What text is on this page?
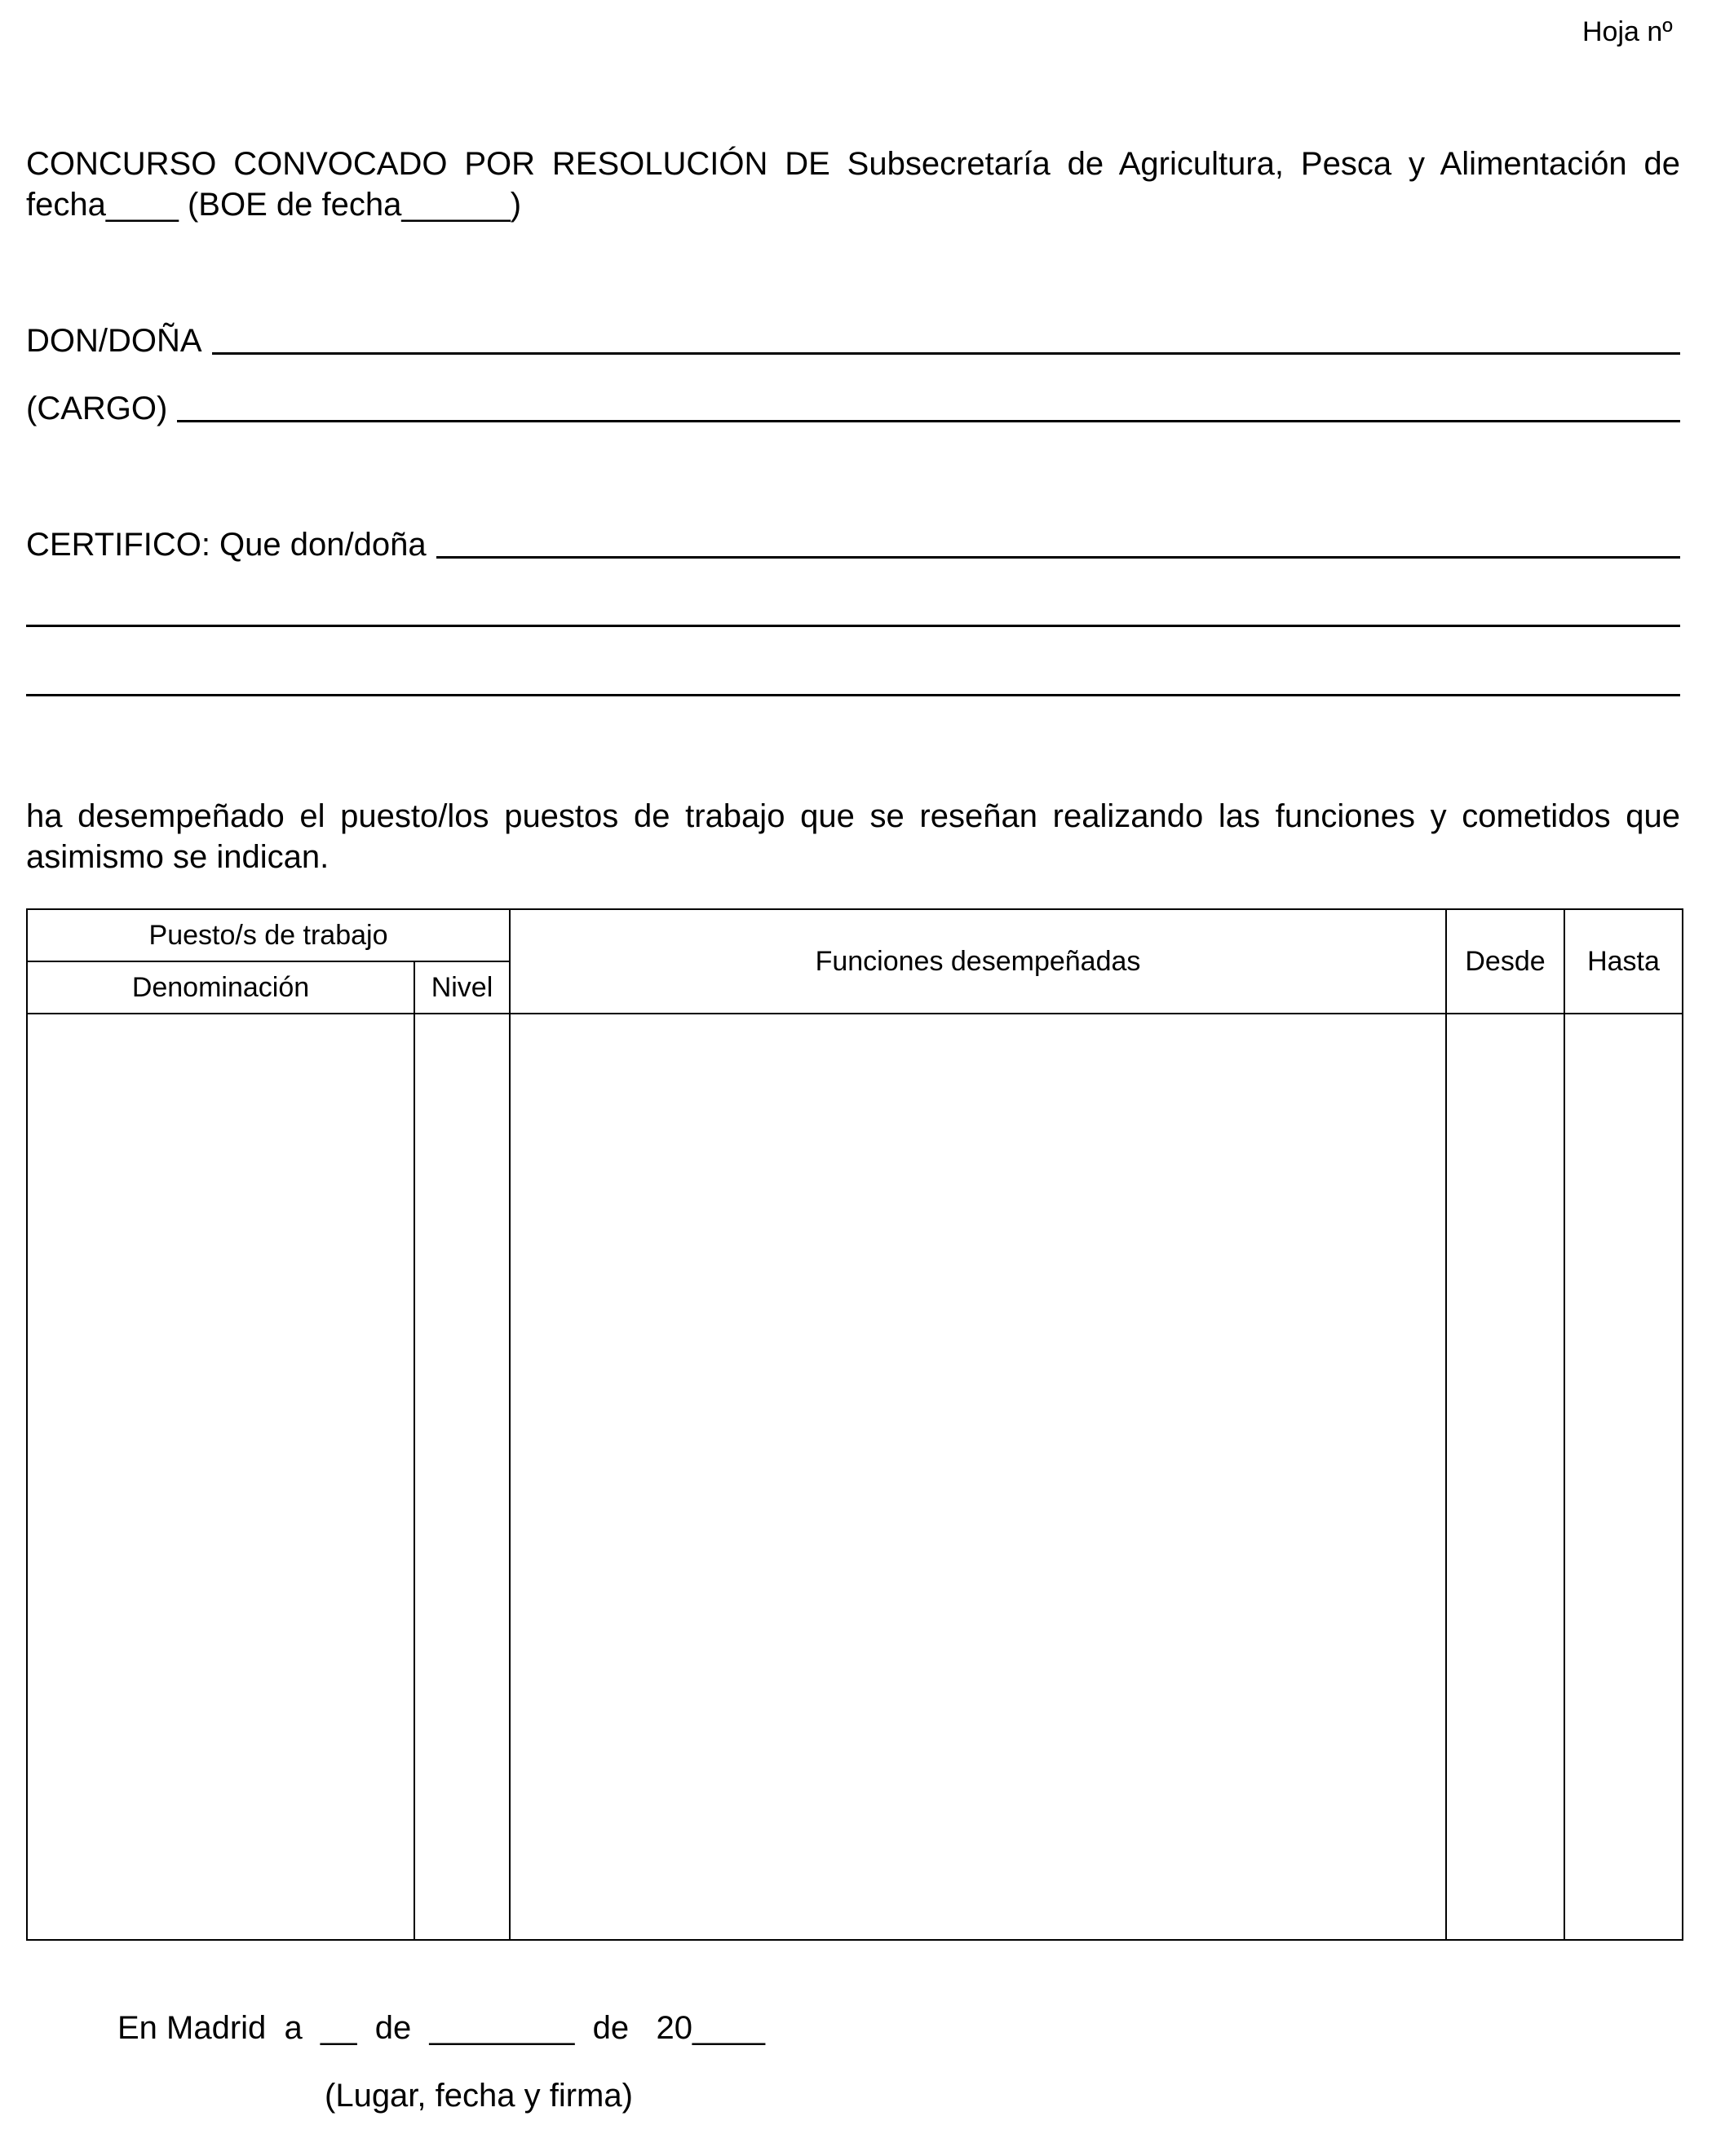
Hoja nº
CONCURSO CONVOCADO POR RESOLUCIÓN DE Subsecretaría de Agricultura, Pesca y Alimentación de
fecha____ (BOE de fecha______)
DON/DOÑA
(CARGO)
CERTIFICO: Que don/doña
ha desempeñado el puesto/los puestos de trabajo que se reseñan realizando las funciones y cometidos que
asimismo se indican.
Puesto/s de trabajo		Funciones desempeñadas	Desde	Hasta
Denominación	Nivel			

En Madrid  a  __  de  ________  de   20____
(Lugar, fecha y firma)
